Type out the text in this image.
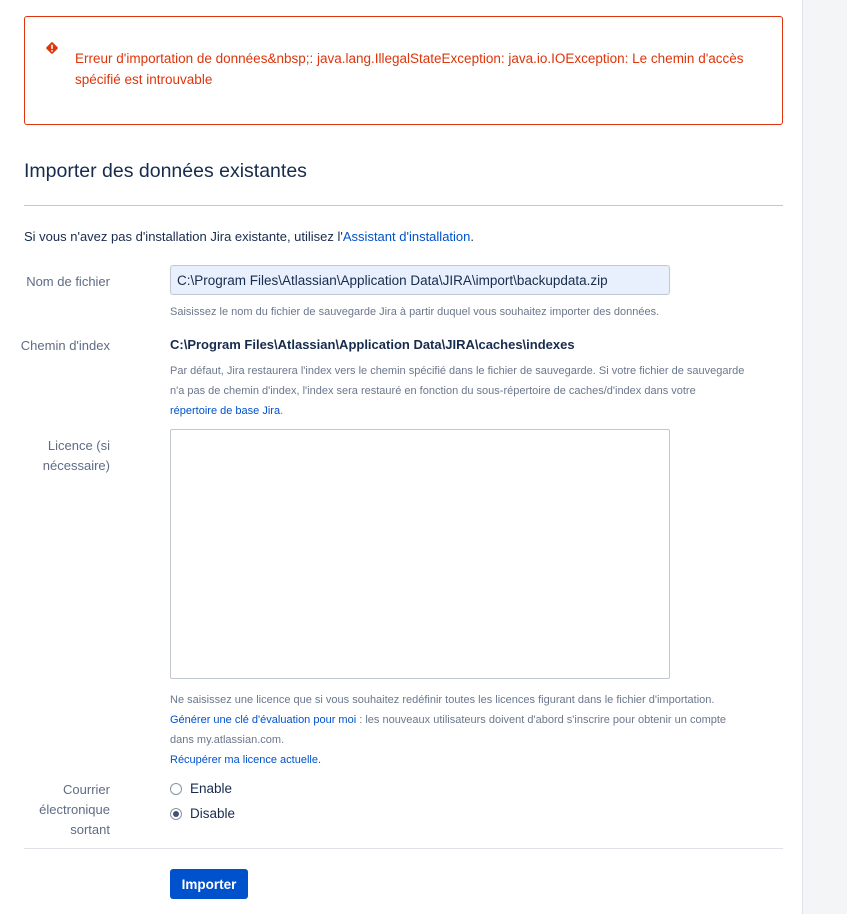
Erreur d'importation de données&nbsp;: java.lang.IllegalStateException: java.io.IOException: Le chemin d'accès spécifié est introuvable
Importer des données existantes
Si vous n'avez pas d'installation Jira existante, utilisez l'Assistant d'installation.
Nom de fichier
C:\Program Files\Atlassian\Application Data\JIRA\import\backupdata.zip
Saisissez le nom du fichier de sauvegarde Jira à partir duquel vous souhaitez importer des données.
Chemin d'index	C:\Program Files\Atlassian\Application Data\JIRA\caches\indexes
Par défaut, Jira restaurera l'index vers le chemin spécifié dans le fichier de sauvegarde. Si votre fichier de sauvegarde
n'a pas de chemin d'index, l'index sera restauré en fonction du sous-répertoire de caches/d'index dans votre
répertoire de base Jira.
Licence (si
nécessaire)
Ne saisissez une licence que si vous souhaitez redéfinir toutes les licences figurant dans le fichier d'importation.
Générer une clé d'évaluation pour moi : les nouveaux utilisateurs doivent d'abord s'inscrire pour obtenir un compte
dans my.atlassian.com.
Récupérer ma licence actuelle.
Courrier
électronique sortant
Enable
Disable
Importer
